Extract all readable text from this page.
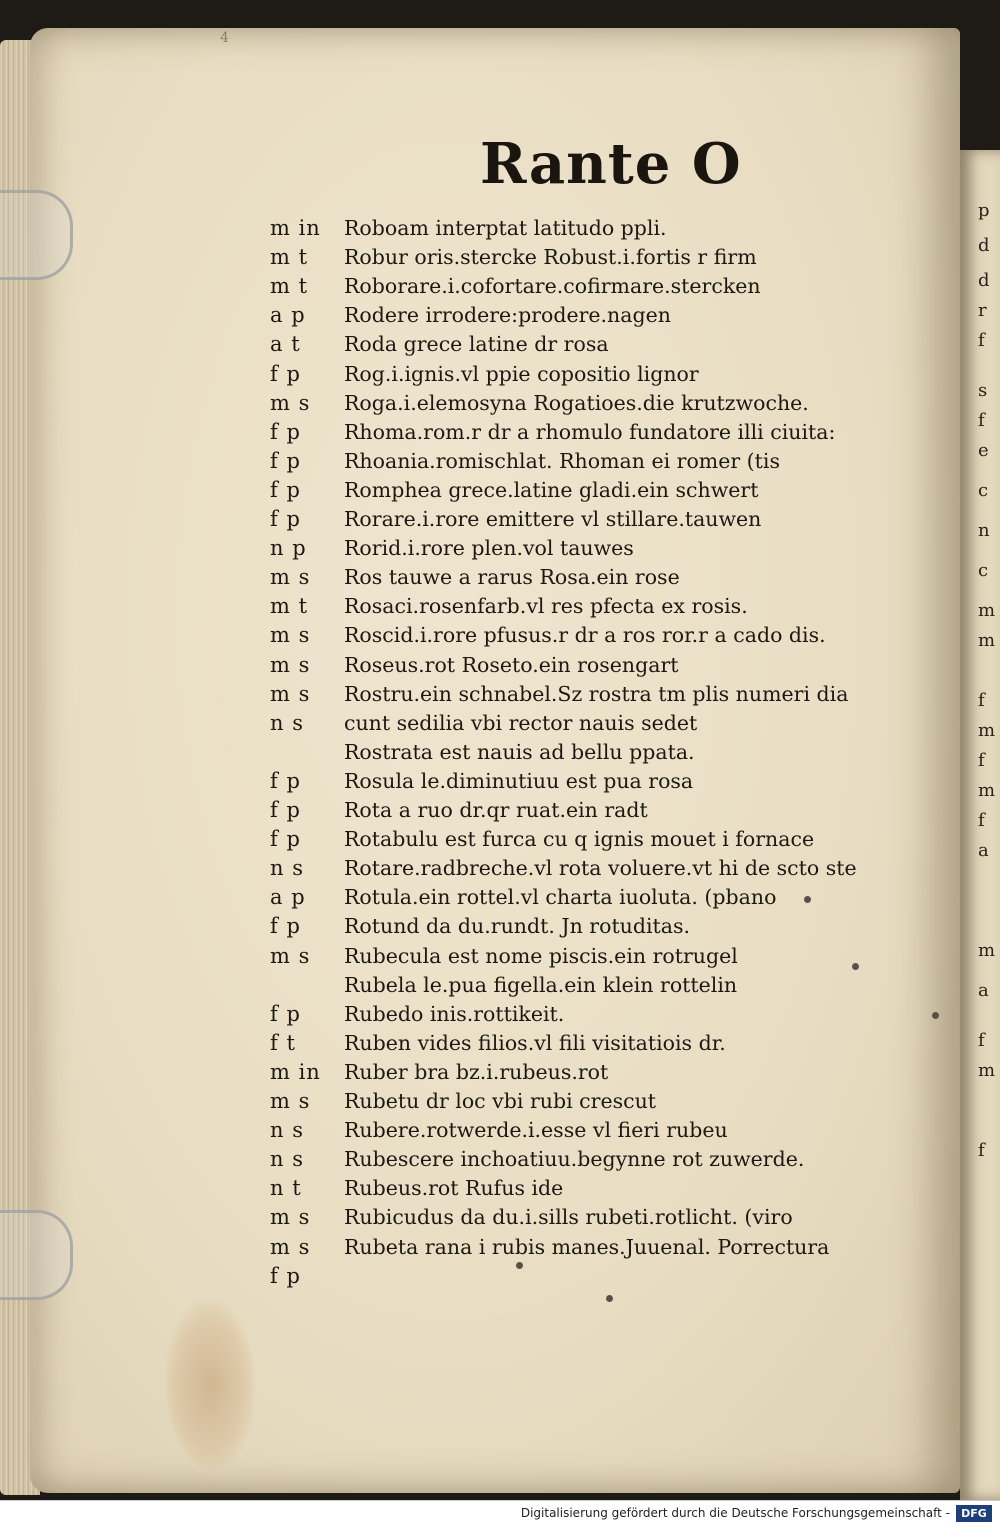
p
d
d
r
f
s
f
e
c
n
c
m
m
f
m
f
m
f
a
m
a
f
m
f
4
Rante O
m in	Roboam interptat latitudo ppli.
m t	Robur oris.stercke Robust.i.fortis r firm
m t	Roborare.i.cofortare.cofirmare.stercken
a p	Rodere irrodere:prodere.nagen
a t	Roda grece latine dr rosa
f p	Rog.i.ignis.vl ppie copositio lignor
m s	Roga.i.elemosyna Rogatioes.die krutzwoche.
f p	Rhoma.rom.r dr a rhomulo fundatore illi ciuita:
f p	Rhoania.romischlat. Rhoman ei romer (tis
f p	Romphea grece.latine gladi.ein schwert
f p	Rorare.i.rore emittere vl stillare.tauwen
n p	Rorid.i.rore plen.vol tauwes
m s	Ros tauwe a rarus Rosa.ein rose
m t	Rosaci.rosenfarb.vl res pfecta ex rosis.
m s	Roscid.i.rore pfusus.r dr a ros ror.r a cado dis.
m s	Roseus.rot Roseto.ein rosengart
m s	Rostru.ein schnabel.Sz rostra tm plis numeri dia
n s	cunt sedilia vbi rector nauis sedet
Rostrata est nauis ad bellu ppata.
f p	Rosula le.diminutiuu est pua rosa
f p	Rota a ruo dr.qr ruat.ein radt
f p	Rotabulu est furca cu q ignis mouet i fornace
n s	Rotare.radbreche.vl rota voluere.vt hi de scto ste
a p	Rotula.ein rottel.vl charta iuoluta. (pbano
f p	Rotund da du.rundt. Jn rotuditas.
m s	Rubecula est nome piscis.ein rotrugel
Rubela le.pua figella.ein klein rottelin
f p	Rubedo inis.rottikeit.
f t	Ruben vides filios.vl fili visitatiois dr.
m in	Ruber bra bz.i.rubeus.rot
m s	Rubetu dr loc vbi rubi crescut
n s	Rubere.rotwerde.i.esse vl fieri rubeu
n s	Rubescere inchoatiuu.begynne rot zuwerde.
n t	Rubeus.rot Rufus ide
m s	Rubicudus da du.i.sills rubeti.rotlicht. (viro
m s	Rubeta rana i rubis manes.Juuenal. Porrectura
f p
Digitalisierung gefördert durch die Deutsche Forschungsgemeinschaft -	DFG
